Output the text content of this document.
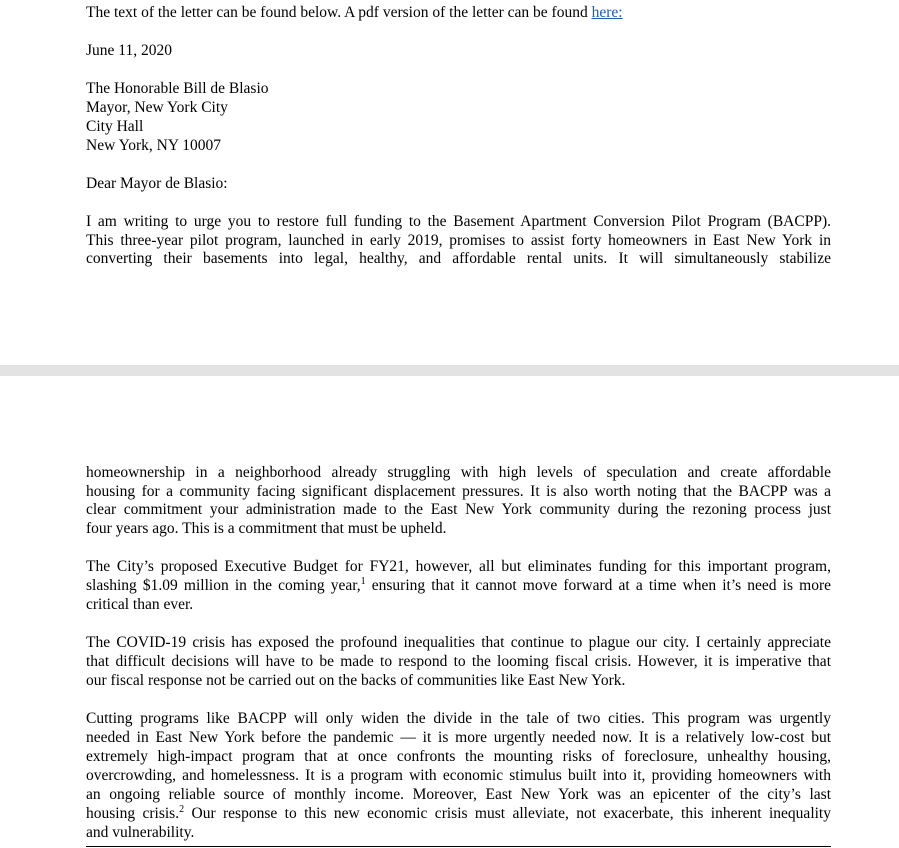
The text of the letter can be found below. A pdf version of the letter can be found here:

June 11, 2020

The Honorable Bill de Blasio

Mayor, New York City

City Hall

New York, NY 10007

Dear Mayor de Blasio:

I am writing to urge you to restore full funding to the Basement Apartment Conversion Pilot Program (BACPP).

This three-year pilot program, launched in early 2019, promises to assist forty homeowners in East New York in

converting their basements into legal, healthy, and affordable rental units. It will simultaneously stabilize

homeownership in a neighborhood already struggling with high levels of speculation and create affordable

housing for a community facing significant displacement pressures. It is also worth noting that the BACPP was a

clear commitment your administration made to the East New York community during the rezoning process just

four years ago. This is a commitment that must be upheld.

The City’s proposed Executive Budget for FY21, however, all but eliminates funding for this important program,

slashing $1.09 million in the coming year,$^1$ ensuring that it cannot move forward at a time when it’s need is more

critical than ever.

The COVID-19 crisis has exposed the profound inequalities that continue to plague our city. I certainly appreciate

that difficult decisions will have to be made to respond to the looming fiscal crisis. However, it is imperative that

our fiscal response not be carried out on the backs of communities like East New York.

Cutting programs like BACPP will only widen the divide in the tale of two cities. This program was urgently

needed in East New York before the pandemic — it is more urgently needed now. It is a relatively low-cost but

extremely high-impact program that at once confronts the mounting risks of foreclosure, unhealthy housing,

overcrowding, and homelessness. It is a program with economic stimulus built into it, providing homeowners with

an ongoing reliable source of monthly income. Moreover, East New York was an epicenter of the city’s last

housing crisis.$^2$ Our response to this new economic crisis must alleviate, not exacerbate, this inherent inequality

and vulnerability.
